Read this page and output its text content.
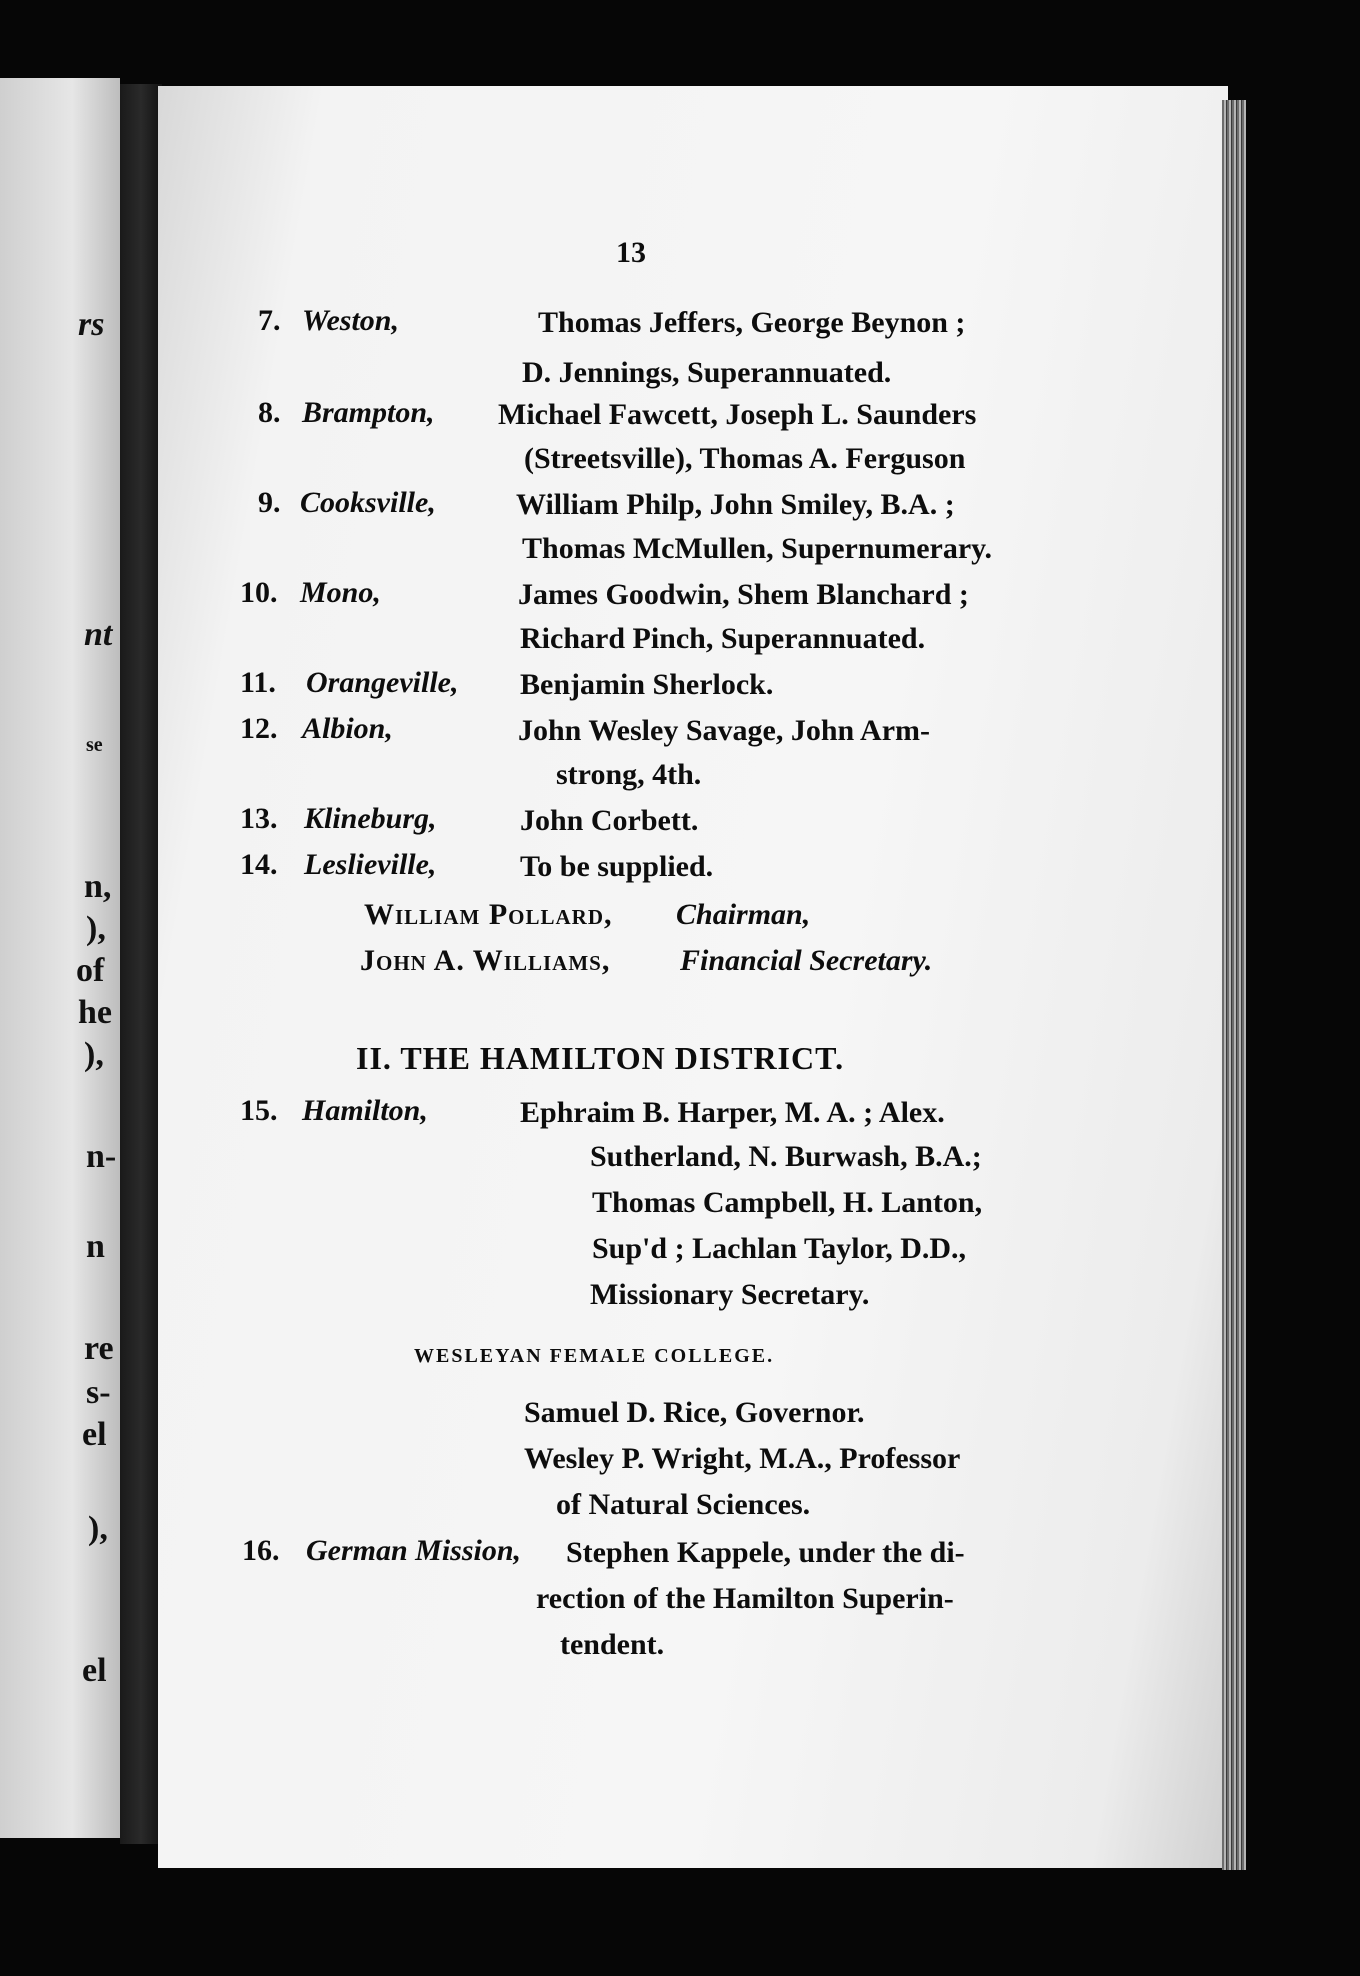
rs
nt
se
n,
),
of
he
),
n-
n
re
s-
el
),
el
13
7. Weston,	Thomas Jeffers, George Beynon ;
D. Jennings, Superannuated.
8. Brampton, Michael Fawcett, Joseph L. Saunders
(Streetsville), Thomas A. Ferguson
9. Cooksville,	William Philp, John Smiley, B.A. ;
Thomas McMullen, Supernumerary.
10. Mono,	James Goodwin, Shem Blanchard ;
Richard Pinch, Superannuated.
11. Orangeville, Benjamin Sherlock.
12. Albion,	John Wesley Savage, John Arm-
strong, 4th.
13. Klineburg,	John Corbett.
14. Leslieville,	To be supplied.
William Pollard, Chairman,
John A. Williams, Financial Secretary.
II. THE HAMILTON DISTRICT.
15. Hamilton,	Ephraim B. Harper, M. A. ; Alex.
Sutherland, N. Burwash, B.A.;
Thomas Campbell, H. Lanton,
Sup'd ; Lachlan Taylor, D.D.,
Missionary Secretary.
WESLEYAN FEMALE COLLEGE.
Samuel D. Rice, Governor.
Wesley P. Wright, M.A., Professor
of Natural Sciences.
16. German Mission, Stephen Kappele, under the di-
rection of the Hamilton Superin-
tendent.
